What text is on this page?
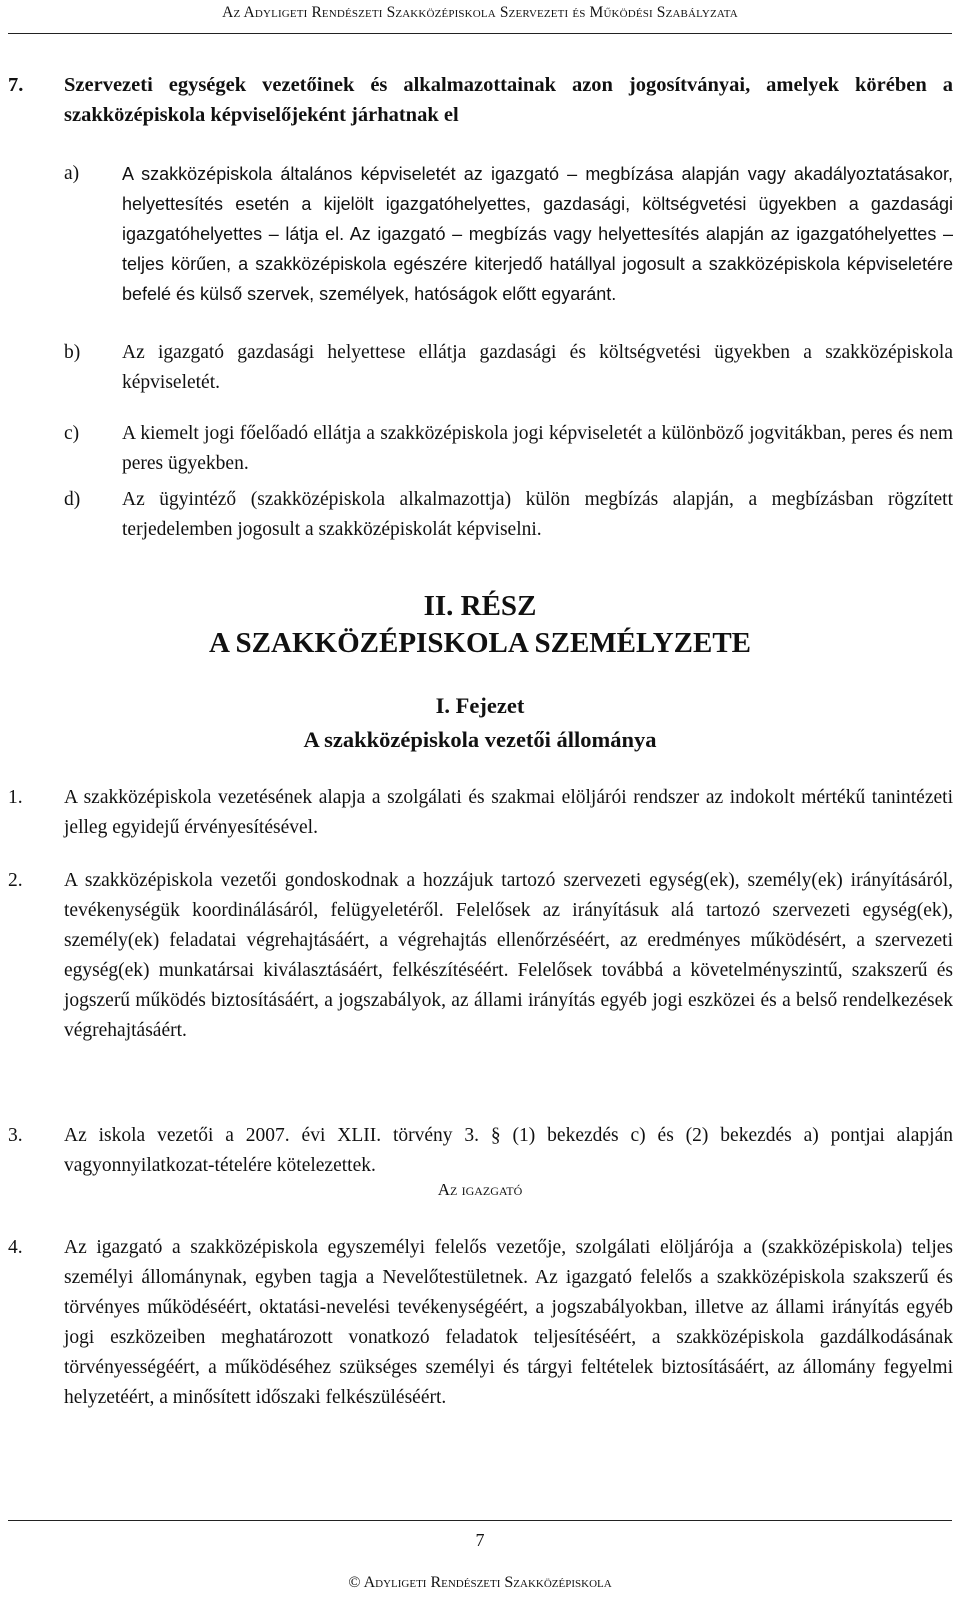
Az Adyligeti Rendészeti Szakközépiskola Szervezeti és Működési Szabályzata
7. Szervezeti egységek vezetőinek és alkalmazottainak azon jogosítványai, amelyek körében a szakközépiskola képviselőjeként járhatnak el
a) A szakközépiskola általános képviseletét az igazgató – megbízása alapján vagy akadályoztatásakor, helyettesítés esetén a kijelölt igazgatóhelyettes, gazdasági, költségvetési ügyekben a gazdasági igazgatóhelyettes – látja el. Az igazgató – megbízás vagy helyettesítés alapján az igazgatóhelyettes – teljes körűen, a szakközépiskola egészére kiterjedő hatállyal jogosult a szakközépiskola képviseletére befelé és külső szervek, személyek, hatóságok előtt egyaránt.
b) Az igazgató gazdasági helyettese ellátja gazdasági és költségvetési ügyekben a szakközépiskola képviseletét.
c) A kiemelt jogi főelőadó ellátja a szakközépiskola jogi képviseletét a különböző jogvitákban, peres és nem peres ügyekben.
d) Az ügyintéző (szakközépiskola alkalmazottja) külön megbízás alapján, a megbízásban rögzített terjedelemben jogosult a szakközépiskolát képviselni.
II. RÉSZ
A SZAKKÖZÉPISKOLA SZEMÉLYZETE
I. Fejezet
A szakközépiskola vezetői állománya
1. A szakközépiskola vezetésének alapja a szolgálati és szakmai elöljárói rendszer az indokolt mértékű tanintézeti jelleg egyidejű érvényesítésével.
2. A szakközépiskola vezetői gondoskodnak a hozzájuk tartozó szervezeti egység(ek), személy(ek) irányításáról, tevékenységük koordinálásáról, felügyeletéről. Felelősek az irányításuk alá tartozó szervezeti egység(ek), személy(ek) feladatai végrehajtásáért, a végrehajtás ellenőrzéséért, az eredményes működésért, a szervezeti egység(ek) munkatársai kiválasztásáért, felkészítéséért. Felelősek továbbá a követelményszintű, szakszerű és jogszerű működés biztosításáért, a jogszabályok, az állami irányítás egyéb jogi eszközei és a belső rendelkezések végrehajtásáért.
3. Az iskola vezetői a 2007. évi XLII. törvény 3. § (1) bekezdés c) és (2) bekezdés a) pontjai alapján vagyonnyilatkozat-tételére kötelezettek.
Az igazgató
4. Az igazgató a szakközépiskola egyszemélyi felelős vezetője, szolgálati elöljárója a (szakközépiskola) teljes személyi állománynak, egyben tagja a Nevelőtestületnek. Az igazgató felelős a szakközépiskola szakszerű és törvényes működéséért, oktatási-nevelési tevékenységéért, a jogszabályokban, illetve az állami irányítás egyéb jogi eszközeiben meghatározott vonatkozó feladatok teljesítéséért, a szakközépiskola gazdálkodásának törvényességéért, a működéséhez szükséges személyi és tárgyi feltételek biztosításáért, az állomány fegyelmi helyzetéért, a minősített időszaki felkészüléséért.
7
© Adyligeti Rendészeti Szakközépiskola
